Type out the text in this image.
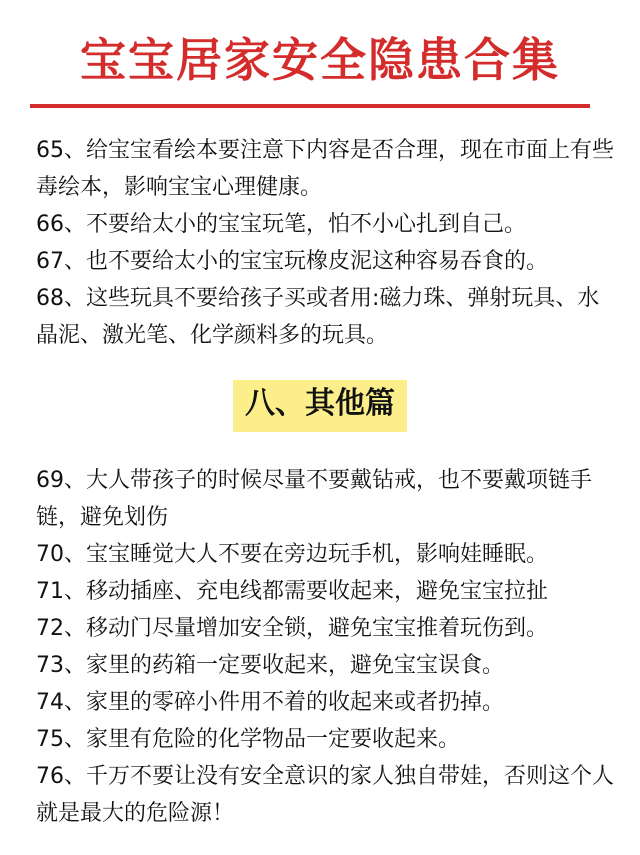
宝宝居家安全隐患合集

65、给宝宝看绘本要注意下内容是否合理，现在市面上有些毒绘本，影响宝宝心理健康。

66、不要给太小的宝宝玩笔，怕不小心扎到自己。

67、也不要给太小的宝宝玩橡皮泥这种容易吞食的。

68、这些玩具不要给孩子买或者用:磁力珠、弹射玩具、水晶泥、激光笔、化学颜料多的玩具。

八、其他篇

69、大人带孩子的时候尽量不要戴钻戒，也不要戴项链手链，避免划伤

70、宝宝睡觉大人不要在旁边玩手机，影响娃睡眠。

71、移动插座、充电线都需要收起来，避免宝宝拉扯

72、移动门尽量增加安全锁，避免宝宝推着玩伤到。

73、家里的药箱一定要收起来，避免宝宝误食。

74、家里的零碎小件用不着的收起来或者扔掉。

75、家里有危险的化学物品一定要收起来。

76、千万不要让没有安全意识的家人独自带娃，否则这个人就是最大的危险源！
